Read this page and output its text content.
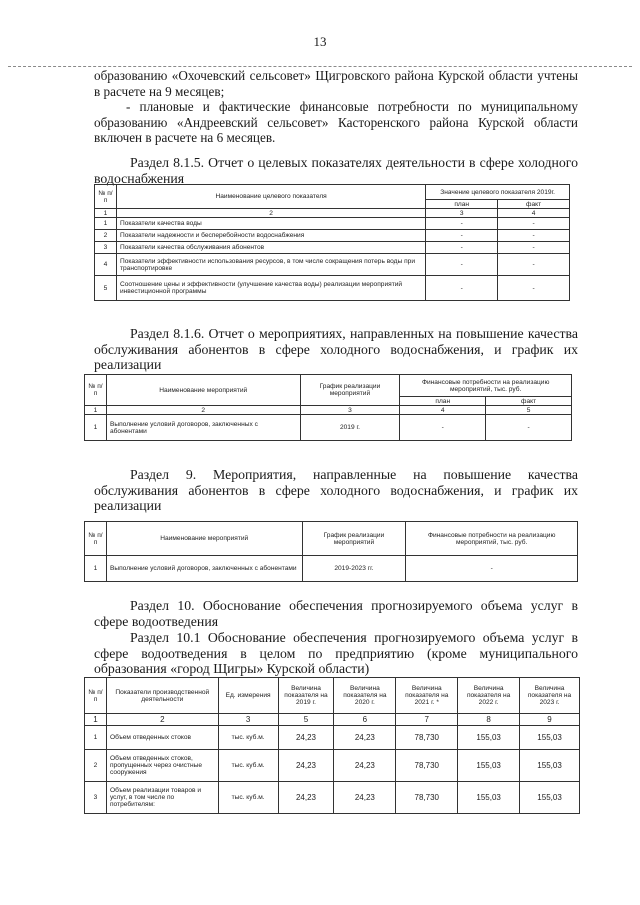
13
образованию «Охочевский сельсовет» Щигровского района Курской области учтены в расчете на 9 месяцев;
- плановые и фактические финансовые потребности по муниципальному образованию «Андреевский сельсовет» Касторенского района Курской области включен в расчете на 6 месяцев.
Раздел 8.1.5. Отчет о целевых показателях деятельности в сфере холодного водоснабжения
№ п/п	Наименование целевого показателя	Значение целевого показателя 2019г.	
		план	факт
1	2	3	4
1	Показатели качества воды	-	-
2	Показатели надежности и бесперебойности водоснабжения	-	-
3	Показатели качества обслуживания абонентов	-	-
4	Показатели эффективности использования ресурсов, в том числе сокращения потерь воды при транспортировке	-	-
5	Соотношение цены и эффективности (улучшение качества воды) реализации мероприятий инвестиционной программы	-	-
Раздел 8.1.6. Отчет о мероприятиях, направленных на повышение качества обслуживания абонентов в сфере холодного водоснабжения, и график их реализации
№ п/п	Наименование мероприятий	График реализации мероприятий	Финансовые потребности на реализацию мероприятий, тыс. руб.	
			план	факт
1	2	3	4	5
1	Выполнение условий договоров, заключенных с абонентами	2019 г.	-	-
Раздел 9. Мероприятия, направленные на повышение качества обслуживания абонентов в сфере холодного водоснабжения, и график их реализации
№ п/п	Наименование мероприятий	График реализации мероприятий	Финансовые потребности на реализацию мероприятий, тыс. руб.
1	Выполнение условий договоров, заключенных с абонентами	2019-2023 гг.	-
Раздел 10. Обоснование обеспечения прогнозируемого объема услуг в сфере водоотведения
Раздел 10.1 Обоснование обеспечения прогнозируемого объема услуг в сфере водоотведения в целом по предприятию (кроме муниципального образования «город Щигры» Курской области)
№ п/п	Показатели производственной деятельности	Ед. измерения	Величина показателя на 2019 г.	Величина показателя на 2020 г.	Величина показателя на 2021 г. *	Величина показателя на 2022 г.	Величина показателя на 2023 г.
1	2	3	5	6	7	8	9
1	Объем отведенных стоков	тыс. куб.м.	24,23	24,23	78,730	155,03	155,03
2	Объем отведенных стоков, пропущенных через очистные сооружения	тыс. куб.м.	24,23	24,23	78,730	155,03	155,03
3	Объем реализации товаров и услуг, в том числе по потребителям:	тыс. куб.м.	24,23	24,23	78,730	155,03	155,03
